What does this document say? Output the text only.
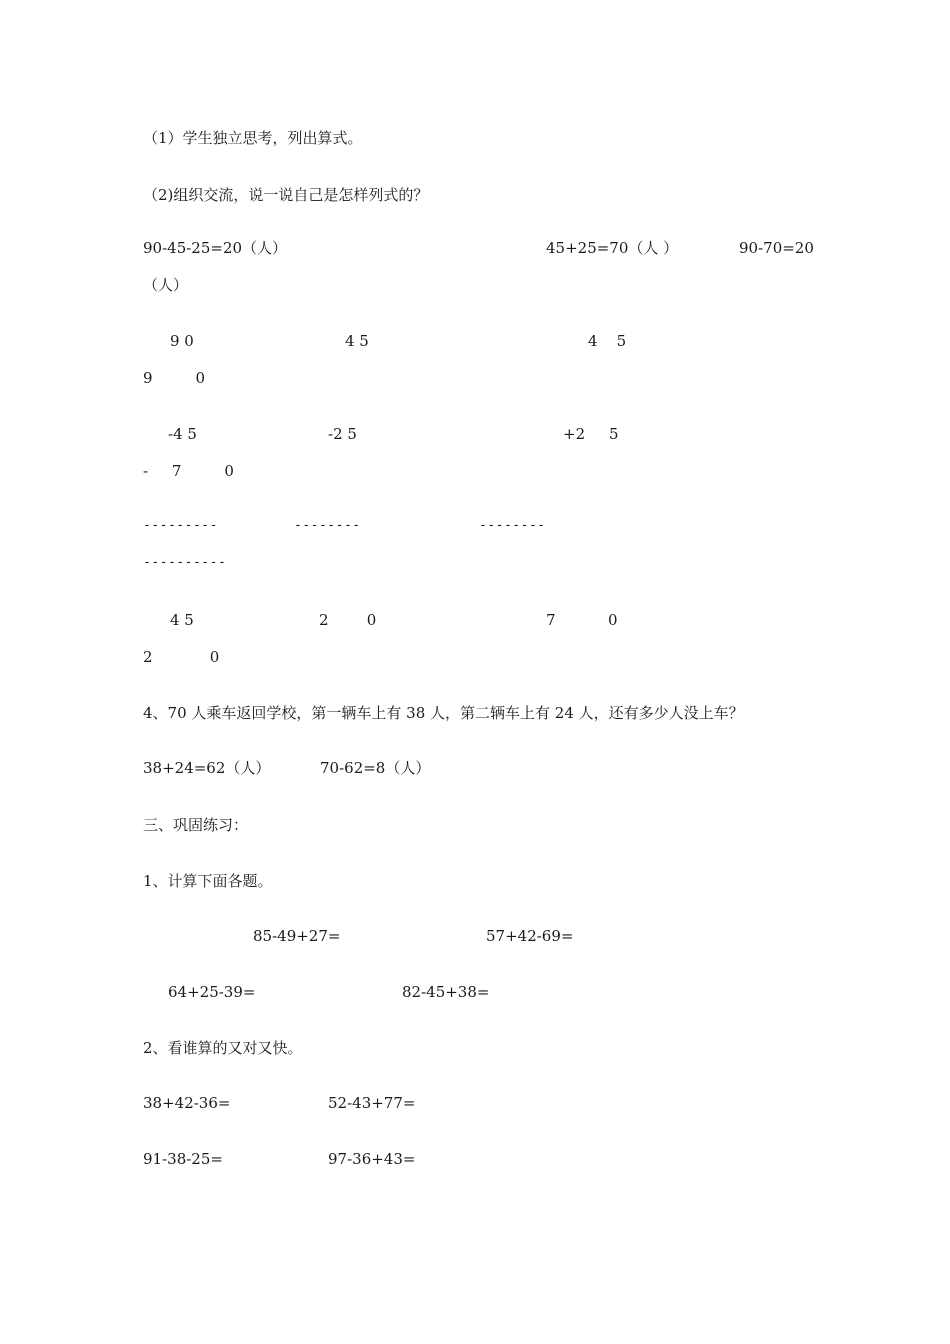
（1）学生独立思考，列出算式。
（2)组织交流，说一说自己是怎样列式的？
90-45-25=20（人）	45+25=70（人 ）	90-70=20
（人）
9 0	4 5	4    5
9         0
-4 5	-2 5	+2     5
-     7         0
---------	--------	--------
----------
4 5	2        0	7           0
2            0
4、70 人乘车返回学校，第一辆车上有 38 人，第二辆车上有 24 人，还有多少人没上车？
38+24=62（人）	70-62=8（人）
三、巩固练习：
1、计算下面各题。
85-49+27=	57+42-69=
64+25-39=	82-45+38=
2、看谁算的又对又快。
38+42-36=	52-43+77=
91-38-25=	97-36+43=
